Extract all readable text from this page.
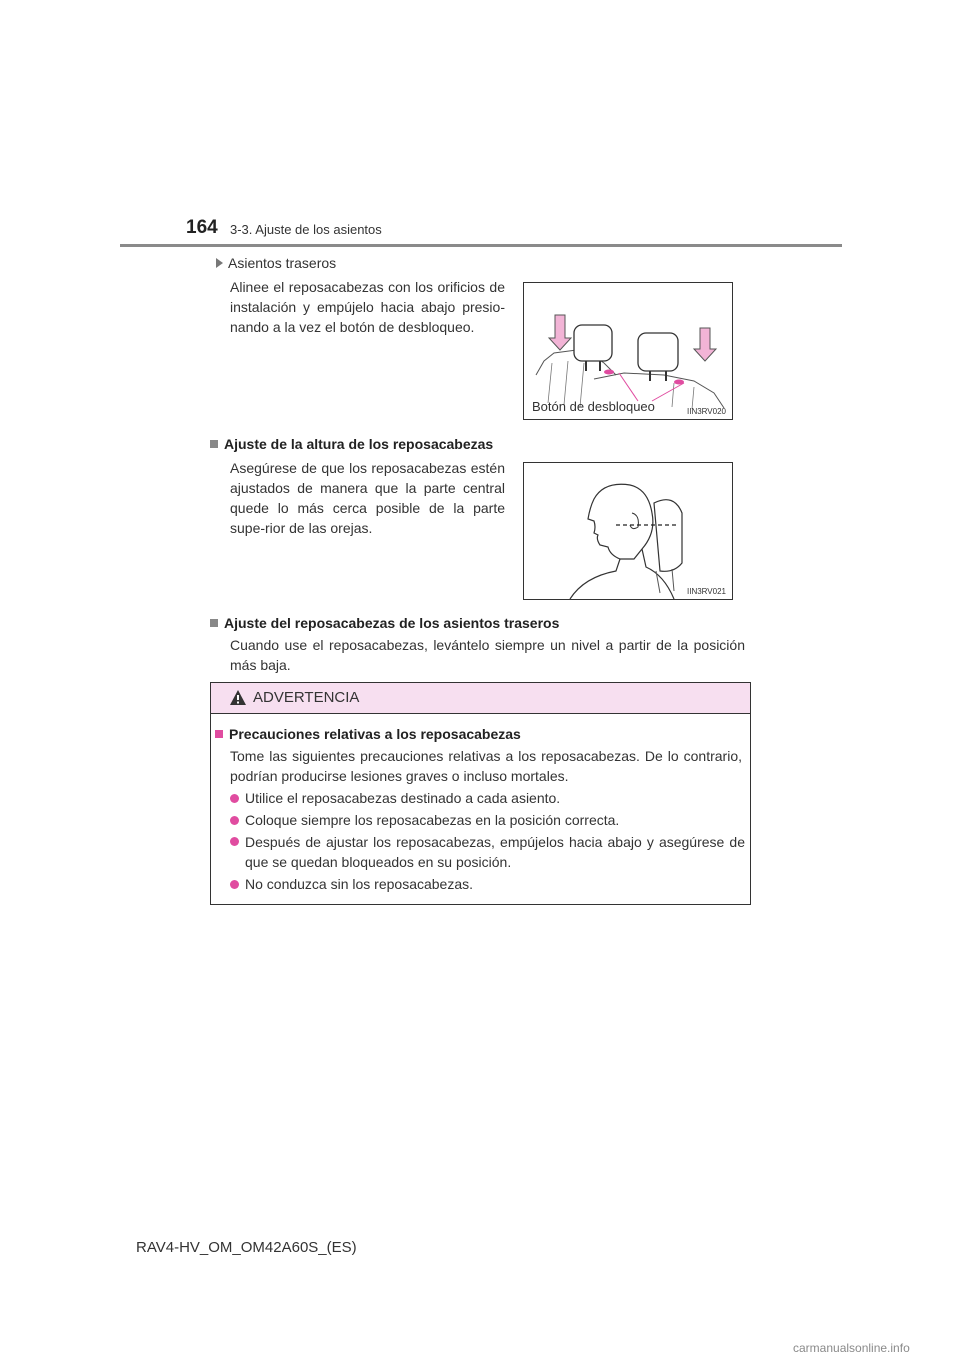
164 3-3. Ajuste de los asientos
Asientos traseros
Alinee el reposacabezas con los orificios de instalación y empújelo hacia abajo presio-nando a la vez el botón de desbloqueo.
Botón de desbloqueo	IIN3RV020
Ajuste de la altura de los reposacabezas
Asegúrese de que los reposacabezas estén ajustados de manera que la parte central quede lo más cerca posible de la parte supe-rior de las orejas.
IIN3RV021
Ajuste del reposacabezas de los asientos traseros
Cuando use el reposacabezas, levántelo siempre un nivel a partir de la posición más baja.
ADVERTENCIA
Precauciones relativas a los reposacabezas
Tome las siguientes precauciones relativas a los reposacabezas. De lo contrario, podrían producirse lesiones graves o incluso mortales.
Utilice el reposacabezas destinado a cada asiento.
Coloque siempre los reposacabezas en la posición correcta.
Después de ajustar los reposacabezas, empújelos hacia abajo y asegúrese de que se quedan bloqueados en su posición.
No conduzca sin los reposacabezas.
RAV4-HV_OM_OM42A60S_(ES)
carmanualsonline.info
